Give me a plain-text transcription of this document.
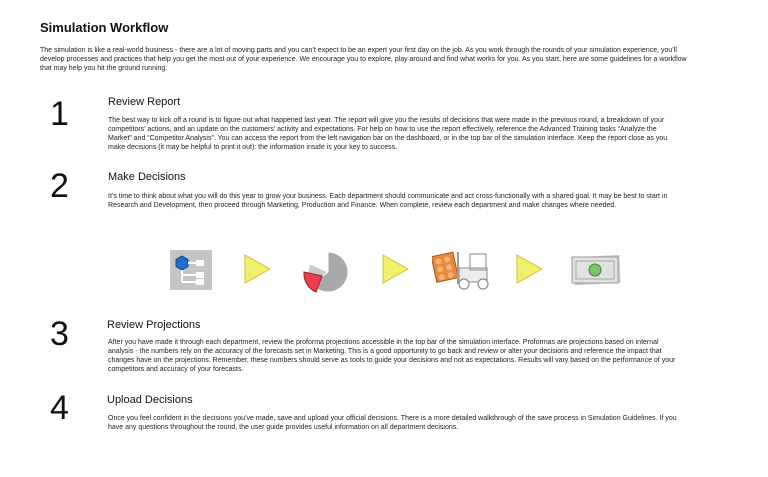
Simulation Workflow
The simulation is like a real-world business - there are a lot of moving parts and you can’t expect to be an expert your first day on the job. As you work through the rounds of your simulation experience, you’ll develop processes and practices that help you get the most out of your experience. We encourage you to explore, play around and find what works for you. As you start, here are some guidelines for a workflow that may help you hit the ground running.
1	Review Report
The best way to kick off a round is to figure out what happened last year. The report will give you the results of decisions that were made in the previous round, a breakdown of your competitors’ actions, and an update on the customers’ activity and expectations. For help on how to use the report effectively, reference the Advanced Training tasks “Analyze the Market” and “Competitor Analysis”. You can access the report from the left navigation bar on the dashboard, or in the top bar of the simulation interface. Keep the report close as you make decisions (it may be helpful to print it out): the information inside is your key to success.
2	Make Decisions
It’s time to think about what you will do this year to grow your business. Each department should communicate and act cross-functionally with a shared goal. It may be best to start in Research and Development, then proceed through Marketing, Production and Finance. When complete, review each department and make changes where needed.
3	Review Projections
After you have made it through each department, review the proforma projections accessible in the top bar of the simulation interface. Proformas are projections based on internal analysis - the numbers rely on the accuracy of the forecasts set in Marketing. This is a good opportunity to go back and review or alter your decisions and reference the impact that changes have on the projections. Remember, these numbers should serve as tools to guide your decisions and not as expectations. Results will vary based on the performance of your competitors and accuracy of your forecasts.
4	Upload Decisions
Once you feel confident in the decisions you’ve made, save and upload your official decisions. There is a more detailed walkthrough of the save process in Simulation Guidelines. If you have any questions throughout the round, the user guide provides useful information on all department decisions.
